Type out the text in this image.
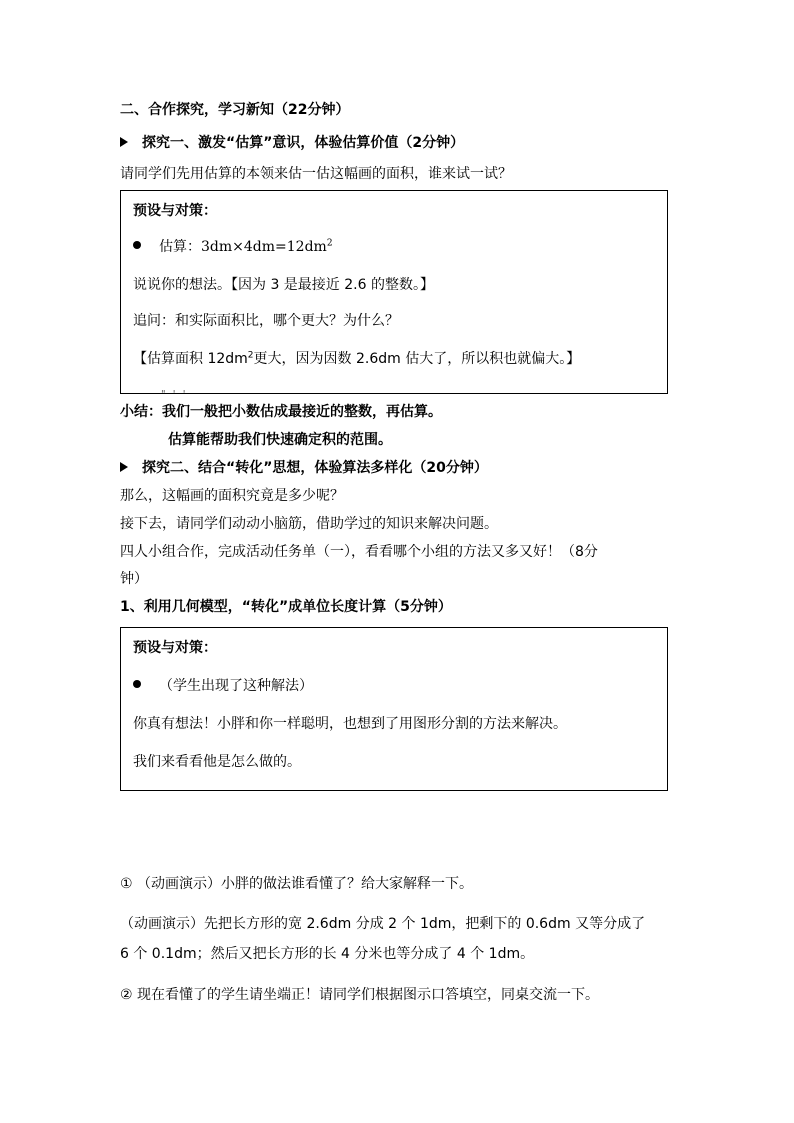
二、合作探究，学习新知（22分钟）
探究一、激发“估算”意识，体验估算价值（2分钟）
请同学们先用估算的本领来估一估这幅画的面积，谁来试一试？
预设与对策：
估算：$3dm\times 4dm=12dm^2$
说说你的想法。【因为 3 是最接近 2.6 的整数。】
追问：和实际面积比，哪个更大？为什么？
【估算面积 $12dm^2$更大，因为因数 2.6dm 估大了，所以积也就偏大。】
" ' '
小结：我们一般把小数估成最接近的整数，再估算。
估算能帮助我们快速确定积的范围。
探究二、结合“转化”思想，体验算法多样化（20分钟）
那么，这幅画的面积究竟是多少呢？
接下去，请同学们动动小脑筋，借助学过的知识来解决问题。
四人小组合作，完成活动任务单（一），看看哪个小组的方法又多又好！（8分
钟）
1、利用几何模型，“转化”成单位长度计算（5分钟）
预设与对策：
（学生出现了这种解法）
你真有想法！小胖和你一样聪明，也想到了用图形分割的方法来解决。
我们来看看他是怎么做的。
① （动画演示）小胖的做法谁看懂了？给大家解释一下。
（动画演示）先把长方形的宽 2.6dm 分成 2 个 1dm，把剩下的 0.6dm 又等分成了
6 个 0.1dm；然后又把长方形的长 4 分米也等分成了 4 个 1dm。
② 现在看懂了的学生请坐端正！请同学们根据图示口答填空，同桌交流一下。
